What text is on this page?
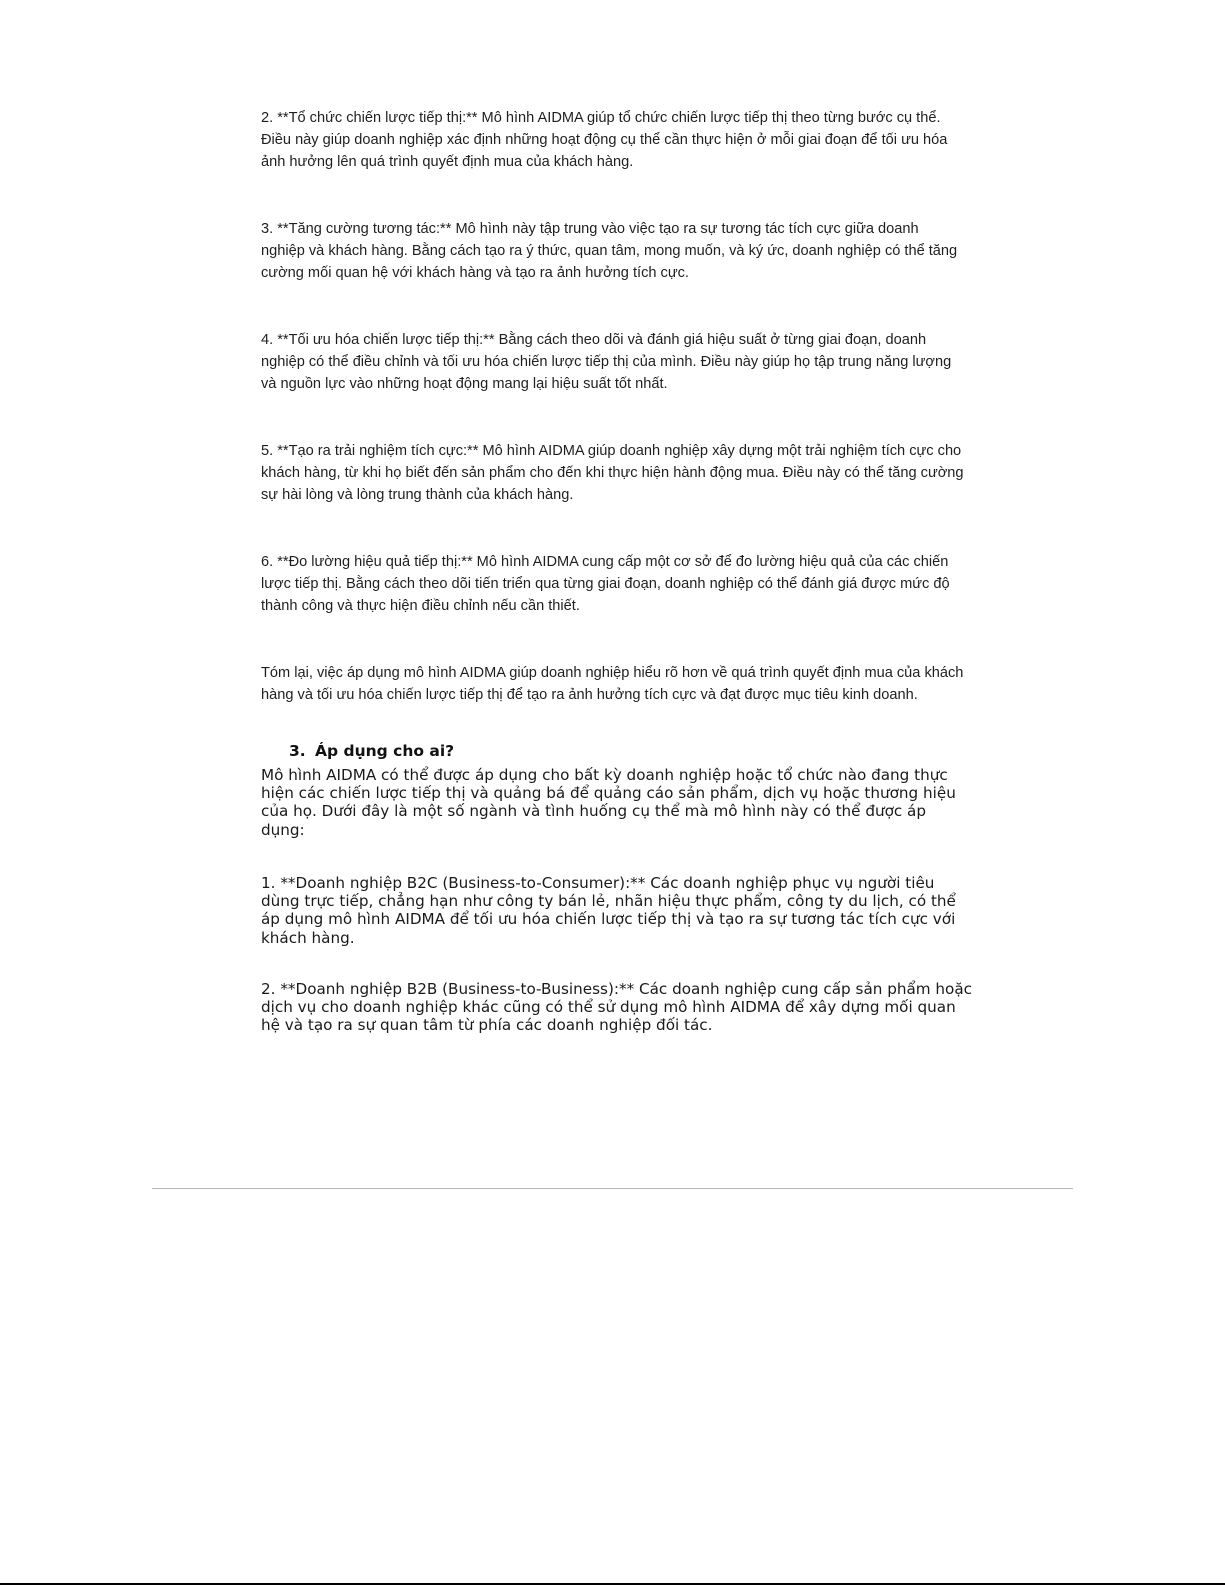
2. **Tổ chức chiến lược tiếp thị:** Mô hình AIDMA giúp tổ chức chiến lược tiếp thị theo từng bước cụ thể. Điều này giúp doanh nghiệp xác định những hoạt động cụ thể cần thực hiện ở mỗi giai đoạn để tối ưu hóa ảnh hưởng lên quá trình quyết định mua của khách hàng.

3. **Tăng cường tương tác:** Mô hình này tập trung vào việc tạo ra sự tương tác tích cực giữa doanh nghiệp và khách hàng. Bằng cách tạo ra ý thức, quan tâm, mong muốn, và ký ức, doanh nghiệp có thể tăng cường mối quan hệ với khách hàng và tạo ra ảnh hưởng tích cực.

4. **Tối ưu hóa chiến lược tiếp thị:** Bằng cách theo dõi và đánh giá hiệu suất ở từng giai đoạn, doanh nghiệp có thể điều chỉnh và tối ưu hóa chiến lược tiếp thị của mình. Điều này giúp họ tập trung năng lượng và nguồn lực vào những hoạt động mang lại hiệu suất tốt nhất.

5. **Tạo ra trải nghiệm tích cực:** Mô hình AIDMA giúp doanh nghiệp xây dựng một trải nghiệm tích cực cho khách hàng, từ khi họ biết đến sản phẩm cho đến khi thực hiện hành động mua. Điều này có thể tăng cường sự hài lòng và lòng trung thành của khách hàng.

6. **Đo lường hiệu quả tiếp thị:** Mô hình AIDMA cung cấp một cơ sở để đo lường hiệu quả của các chiến lược tiếp thị. Bằng cách theo dõi tiến triển qua từng giai đoạn, doanh nghiệp có thể đánh giá được mức độ thành công và thực hiện điều chỉnh nếu cần thiết.

Tóm lại, việc áp dụng mô hình AIDMA giúp doanh nghiệp hiểu rõ hơn về quá trình quyết định mua của khách hàng và tối ưu hóa chiến lược tiếp thị để tạo ra ảnh hưởng tích cực và đạt được mục tiêu kinh doanh.

3. Áp dụng cho ai?

Mô hình AIDMA có thể được áp dụng cho bất kỳ doanh nghiệp hoặc tổ chức nào đang thực hiện các chiến lược tiếp thị và quảng bá để quảng cáo sản phẩm, dịch vụ hoặc thương hiệu của họ. Dưới đây là một số ngành và tình huống cụ thể mà mô hình này có thể được áp dụng:

1. **Doanh nghiệp B2C (Business-to-Consumer):** Các doanh nghiệp phục vụ người tiêu dùng trực tiếp, chẳng hạn như công ty bán lẻ, nhãn hiệu thực phẩm, công ty du lịch, có thể áp dụng mô hình AIDMA để tối ưu hóa chiến lược tiếp thị và tạo ra sự tương tác tích cực với khách hàng.

2. **Doanh nghiệp B2B (Business-to-Business):** Các doanh nghiệp cung cấp sản phẩm hoặc dịch vụ cho doanh nghiệp khác cũng có thể sử dụng mô hình AIDMA để xây dựng mối quan hệ và tạo ra sự quan tâm từ phía các doanh nghiệp đối tác.
